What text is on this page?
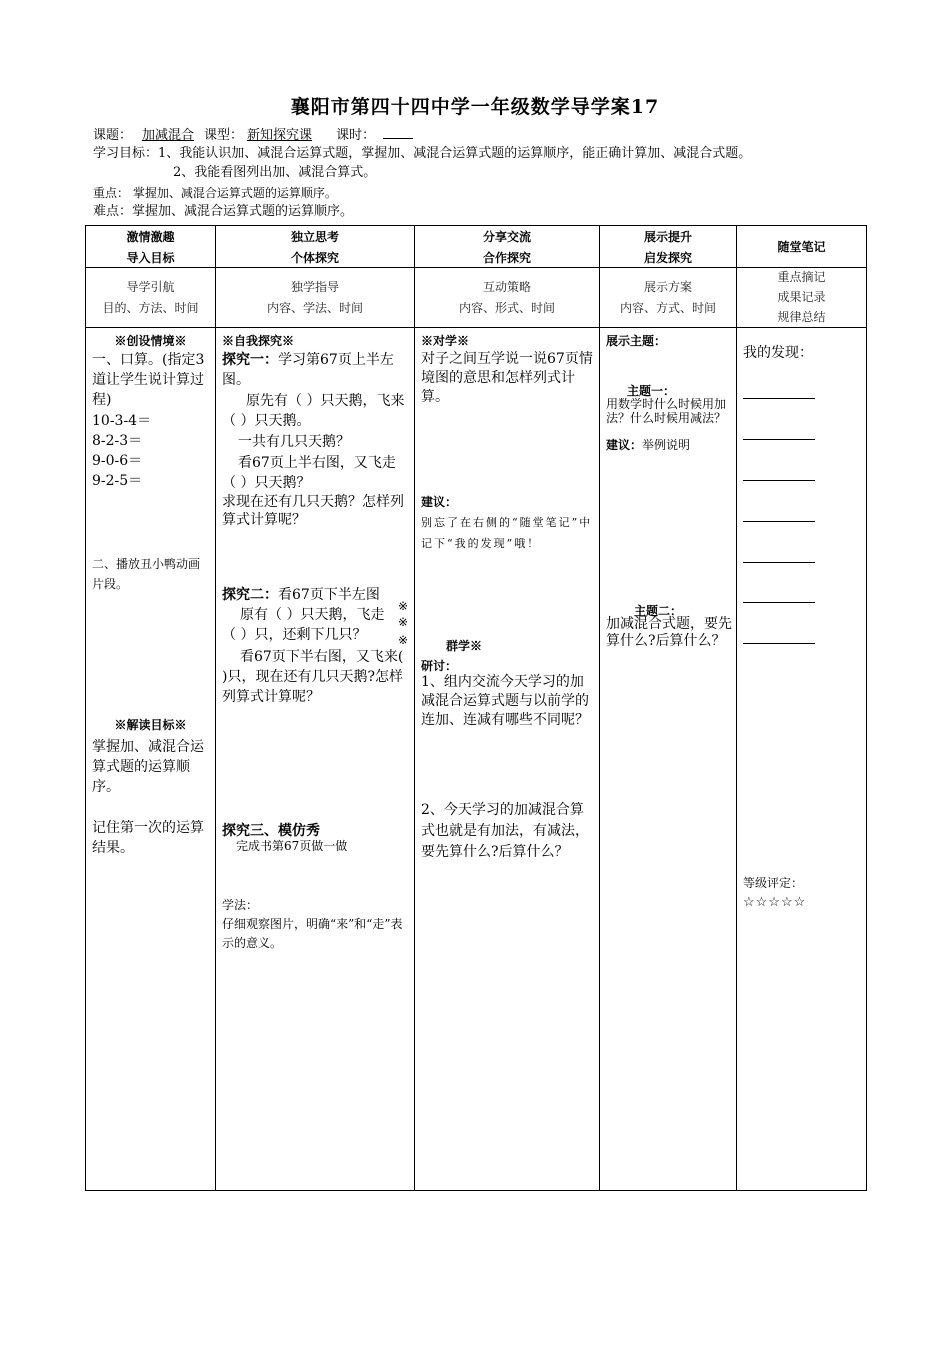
襄阳市第四十四中学一年级数学导学案17
课题： 加减混合 课型： 新知探究课 课时：
学习目标：1、我能认识加、减混合运算式题，掌握加、减混合运算式题的运算顺序，能正确计算加、减混合式题。
2、我能看图列出加、减混合算式。
重点： 掌握加、减混合运算式题的运算顺序。
难点：掌握加、减混合运算式题的运算顺序。
激情激趣
导入目标
独立思考
个体探究
分享交流
合作探究
展示提升
启发探究
随堂笔记
导学引航
目的、方法、时间
独学指导
内容、学法、时间
互动策略
内容、形式、时间
展示方案
内容、方式、时间
重点摘记
成果记录
规律总结
※创设情境※
一、口算。(指定3道让学生说计算过程)
10-3-4＝
8-2-3＝
9-0-6＝
9-2-5＝
二、播放丑小鸭动画片段。
※解读目标※
掌握加、减混合运算式题的运算顺序。
记住第一次的运算结果。
※自我探究※
探究一：学习第67页上半左图。
原先有（ ）只天鹅，飞来（ ）只天鹅。
一共有几只天鹅？
看67页上半右图，又飞走（ ）只天鹅？
求现在还有几只天鹅？怎样列算式计算呢？
探究二：看67页下半左图
原有（ ）只天鹅，飞走（ ）只，还剩下几只？
看67页下半右图，又飞来( )只，现在还有几只天鹅?怎样列算式计算呢？
※
※
※
探究三、模仿秀
完成书第67页做一做
学法：
仔细观察图片，明确“来”和“走”表示的意义。
※对学※
对子之间互学说一说67页情境图的意思和怎样列式计算。
建议：
别忘了在右侧的“随堂笔记”中记下“我的发现”哦！
群学※
研讨：
1、组内交流今天学习的加减混合运算式题与以前学的连加、连减有哪些不同呢？
2、今天学习的加减混合算式也就是有加法，有减法，要先算什么?后算什么？
展示主题：
主题一：
用数学时什么时候用加法？什么时候用减法？
建议：举例说明
主题二：
加减混合式题，要先算什么?后算什么？
我的发现：
等级评定：
☆☆☆☆☆
